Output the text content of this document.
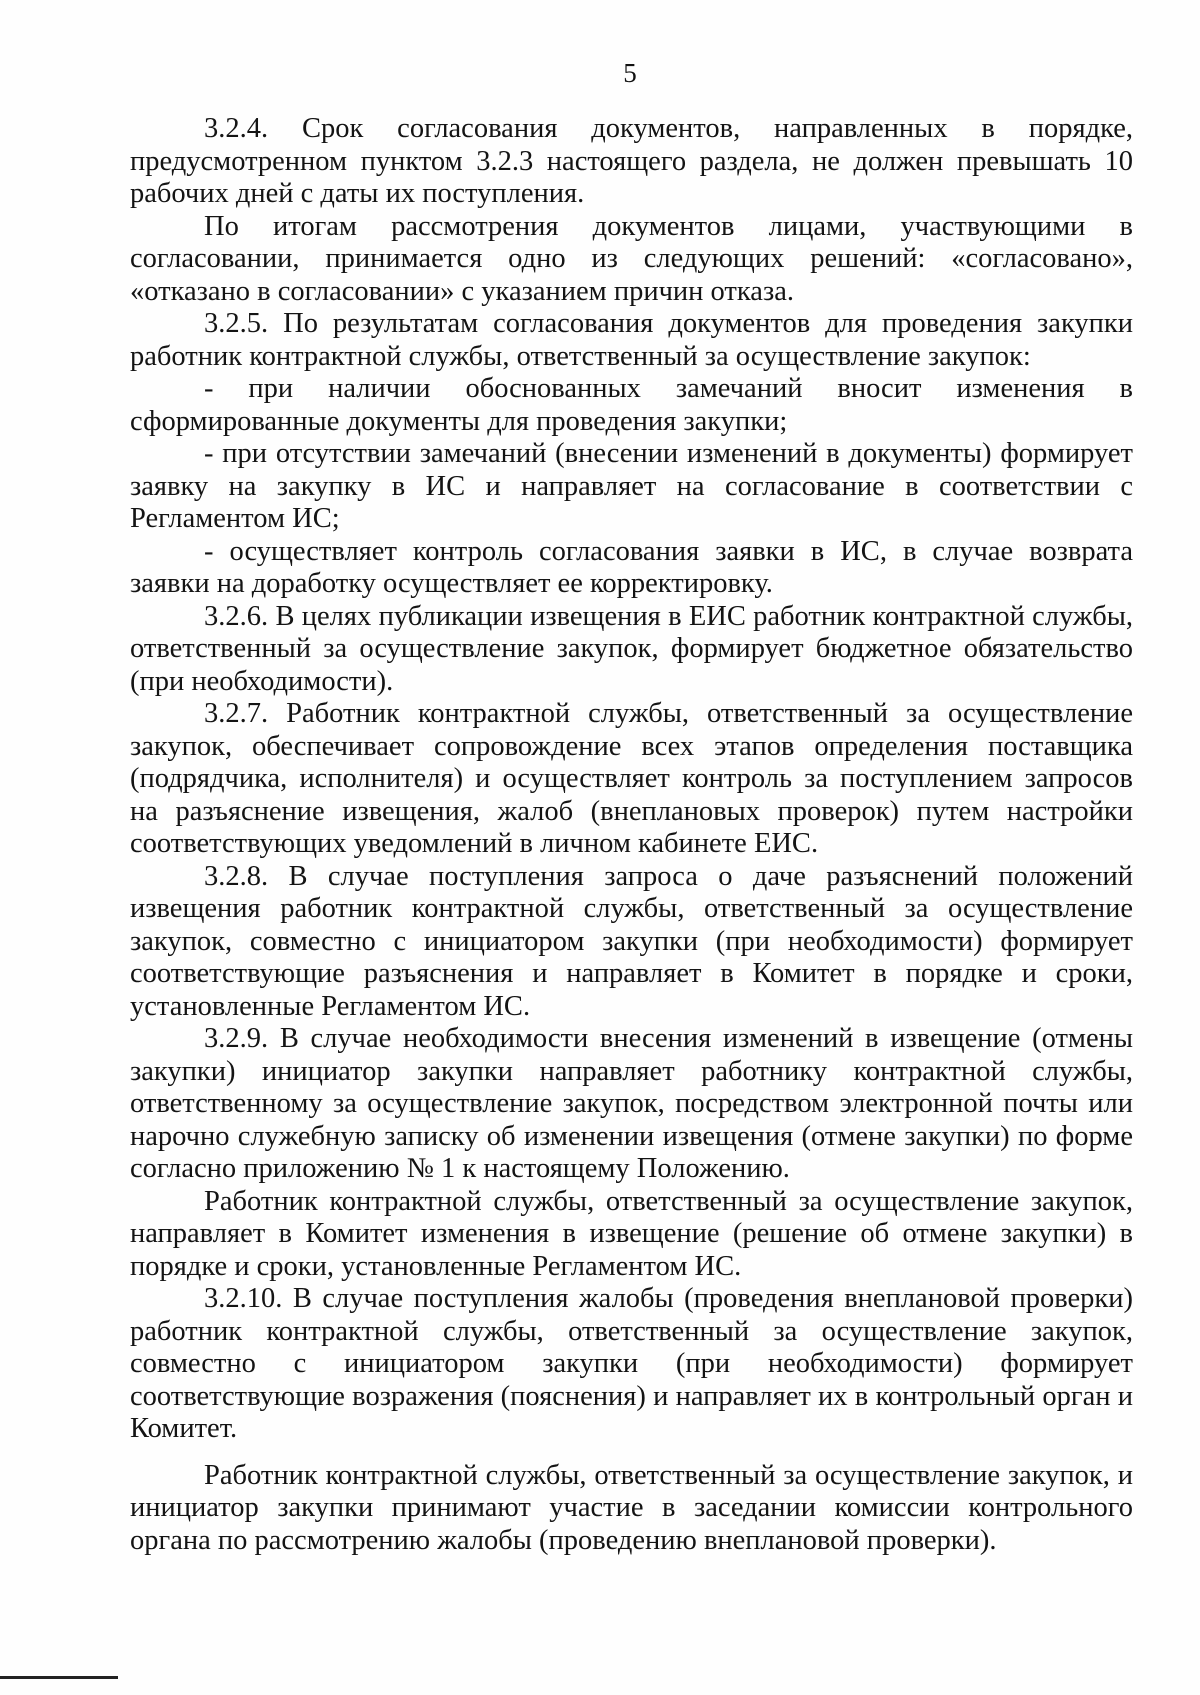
5

3.2.4. Срок согласования документов, направленных в порядке, предусмотренном пунктом 3.2.3 настоящего раздела, не должен превышать 10 рабочих дней с даты их поступления.

По итогам рассмотрения документов лицами, участвующими в согласовании, принимается одно из следующих решений: «согласовано», «отказано в согласовании» с указанием причин отказа.

3.2.5. По результатам согласования документов для проведения закупки работник контрактной службы, ответственный за осуществление закупок:

- при наличии обоснованных замечаний вносит изменения в сформированные документы для проведения закупки;

- при отсутствии замечаний (внесении изменений в документы) формирует заявку на закупку в ИС и направляет на согласование в соответствии с Регламентом ИС;

- осуществляет контроль согласования заявки в ИС, в случае возврата заявки на доработку осуществляет ее корректировку.

3.2.6. В целях публикации извещения в ЕИС работник контрактной службы, ответственный за осуществление закупок, формирует бюджетное обязательство (при необходимости).

3.2.7. Работник контрактной службы, ответственный за осуществление закупок, обеспечивает сопровождение всех этапов определения поставщика (подрядчика, исполнителя) и осуществляет контроль за поступлением запросов на разъяснение извещения, жалоб (внеплановых проверок) путем настройки соответствующих уведомлений в личном кабинете ЕИС.

3.2.8. В случае поступления запроса о даче разъяснений положений извещения работник контрактной службы, ответственный за осуществление закупок, совместно с инициатором закупки (при необходимости) формирует соответствующие разъяснения и направляет в Комитет в порядке и сроки, установленные Регламентом ИС.

3.2.9. В случае необходимости внесения изменений в извещение (отмены закупки) инициатор закупки направляет работнику контрактной службы, ответственному за осуществление закупок, посредством электронной почты или нарочно служебную записку об изменении извещения (отмене закупки) по форме согласно приложению № 1 к настоящему Положению.

Работник контрактной службы, ответственный за осуществление закупок, направляет в Комитет изменения в извещение (решение об отмене закупки) в порядке и сроки, установленные Регламентом ИС.

3.2.10. В случае поступления жалобы (проведения внеплановой проверки) работник контрактной службы, ответственный за осуществление закупок, совместно с инициатором закупки (при необходимости) формирует соответствующие возражения (пояснения) и направляет их в контрольный орган и Комитет.

Работник контрактной службы, ответственный за осуществление закупок, и инициатор закупки принимают участие в заседании комиссии контрольного органа по рассмотрению жалобы (проведению внеплановой проверки).
